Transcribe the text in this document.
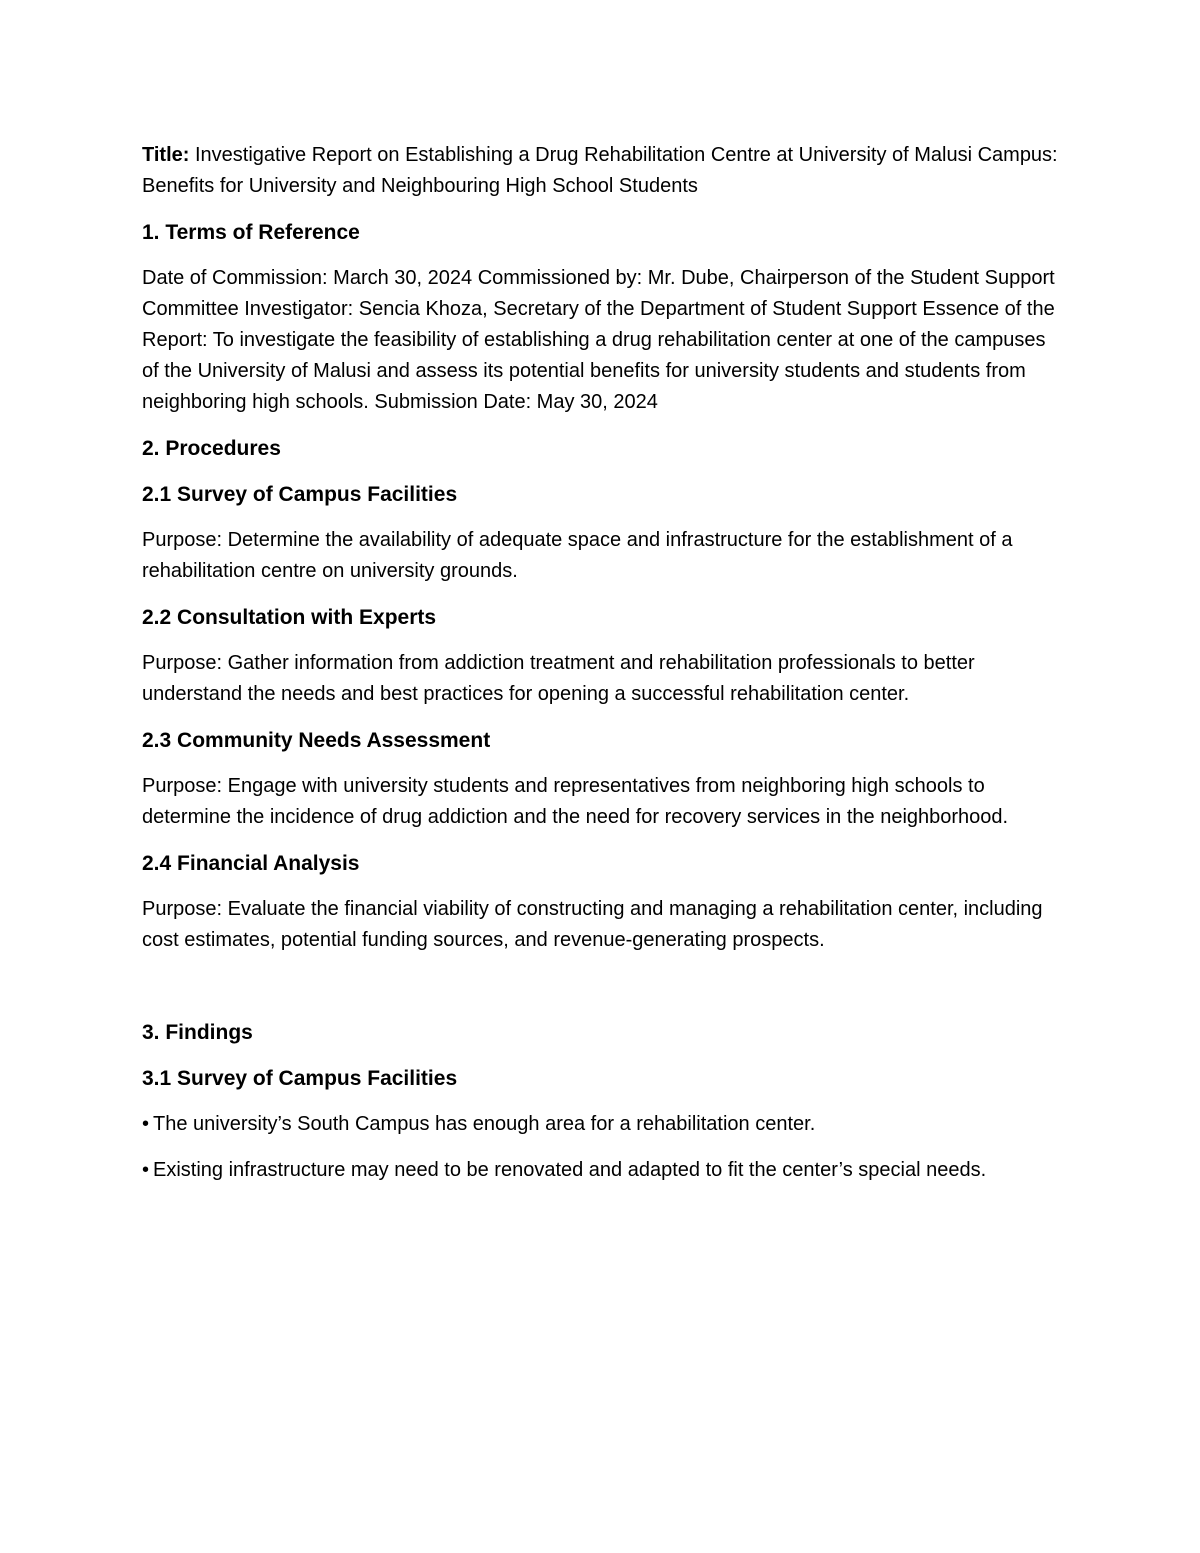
Title: Investigative Report on Establishing a Drug Rehabilitation Centre at University of Malusi Campus: Benefits for University and Neighbouring High School Students

1. Terms of Reference

Date of Commission: March 30, 2024 Commissioned by: Mr. Dube, Chairperson of the Student Support Committee Investigator: Sencia Khoza, Secretary of the Department of Student Support Essence of the Report: To investigate the feasibility of establishing a drug rehabilitation center at one of the campuses of the University of Malusi and assess its potential benefits for university students and students from neighboring high schools. Submission Date: May 30, 2024

2. Procedures
2.1 Survey of Campus Facilities

Purpose: Determine the availability of adequate space and infrastructure for the establishment of a rehabilitation centre on university grounds.

2.2 Consultation with Experts

Purpose: Gather information from addiction treatment and rehabilitation professionals to better understand the needs and best practices for opening a successful rehabilitation center.

2.3 Community Needs Assessment

Purpose: Engage with university students and representatives from neighboring high schools to determine the incidence of drug addiction and the need for recovery services in the neighborhood.

2.4 Financial Analysis

Purpose: Evaluate the financial viability of constructing and managing a rehabilitation center, including cost estimates, potential funding sources, and revenue-generating prospects.

3. Findings
3.1 Survey of Campus Facilities

• The university’s South Campus has enough area for a rehabilitation center.

• Existing infrastructure may need to be renovated and adapted to fit the center’s special needs.
